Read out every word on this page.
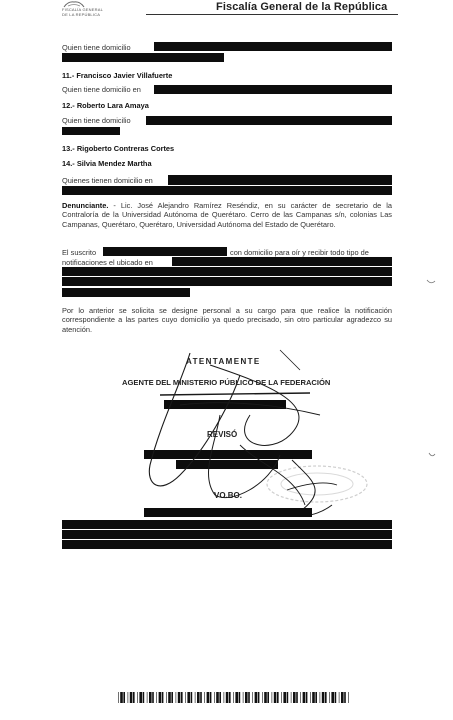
FISCALÍA GENERAL
DE LA REPÚBLICA
Fiscalía General de la República
Quien tiene domicilio
11.- Francisco Javier Villafuerte
Quien tiene domicilio en
12.- Roberto Lara Amaya
Quien tiene domicilio
13.- Rigoberto Contreras Cortes
14.- Silvia Mendez Martha
Quienes tienen domicilio en
Denunciante. - Lic. José Alejandro Ramírez Reséndiz, en su carácter de secretario de la Contraloría de la Universidad Autónoma de Querétaro. Cerro de las Campanas s/n, colonias Las Campanas, Querétaro, Querétaro, Universidad Autónoma del Estado de Querétaro.
El suscrito	con domicilio para oír y recibir todo tipo de
notificaciones el ubicado en
Por lo anterior se solicita se designe personal a su cargo para que realice la notificación correspondiente a las partes cuyo domicilio ya quedo precisado, sin otro particular agradezco su atención.
ATENTAMENTE
AGENTE DEL MINISTERIO PÚBLICO DE LA FEDERACIÓN
REVISÓ
VO.BO.
